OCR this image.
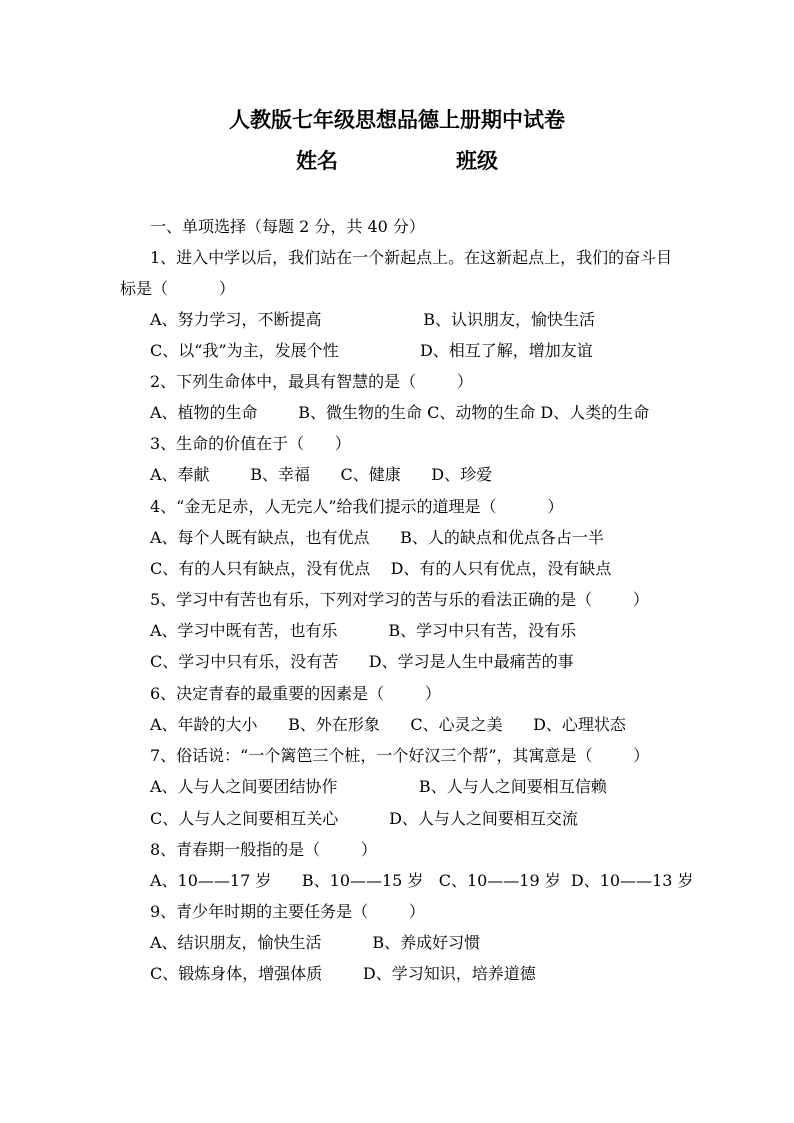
人教版七年级思想品德上册期中试卷
姓名	班级
一、单项选择（每题 2 分，共 40 分）
1、进入中学以后，我们站在一个新起点上。在这新起点上，我们的奋斗目
标是（          ）
A、努力学习，不断提高                    B、认识朋友，愉快生活
C、以“我”为主，发展个性                D、相互了解，增加友谊
2、下列生命体中，最具有智慧的是（        ）
A、植物的生命        B、微生物的生命 C、动物的生命 D、人类的生命
3、生命的价值在于（      ）
A、奉献        B、幸福      C、健康      D、珍爱
4、“金无足赤，人无完人”给我们提示的道理是（          ）
A、每个人既有缺点，也有优点      B、人的缺点和优点各占一半
C、有的人只有缺点，没有优点    D、有的人只有优点，没有缺点
5、学习中有苦也有乐，下列对学习的苦与乐的看法正确的是（        ）
A、学习中既有苦，也有乐          B、学习中只有苦，没有乐
C、学习中只有乐，没有苦      D、学习是人生中最痛苦的事
6、决定青春的最重要的因素是（        ）
A、年龄的大小      B、外在形象      C、心灵之美      D、心理状态
7、俗话说：“一个篱笆三个桩，一个好汉三个帮”，其寓意是（        ）
A、人与人之间要团结协作                B、人与人之间要相互信赖
C、人与人之间要相互关心          D、人与人之间要相互交流
8、青春期一般指的是（        ）
A、10——17 岁      B、10——15 岁   C、10——19 岁  D、10——13 岁
9、青少年时期的主要任务是（        ）
A、结识朋友，愉快生活          B、养成好习惯
C、锻炼身体，增强体质        D、学习知识，培养道德
